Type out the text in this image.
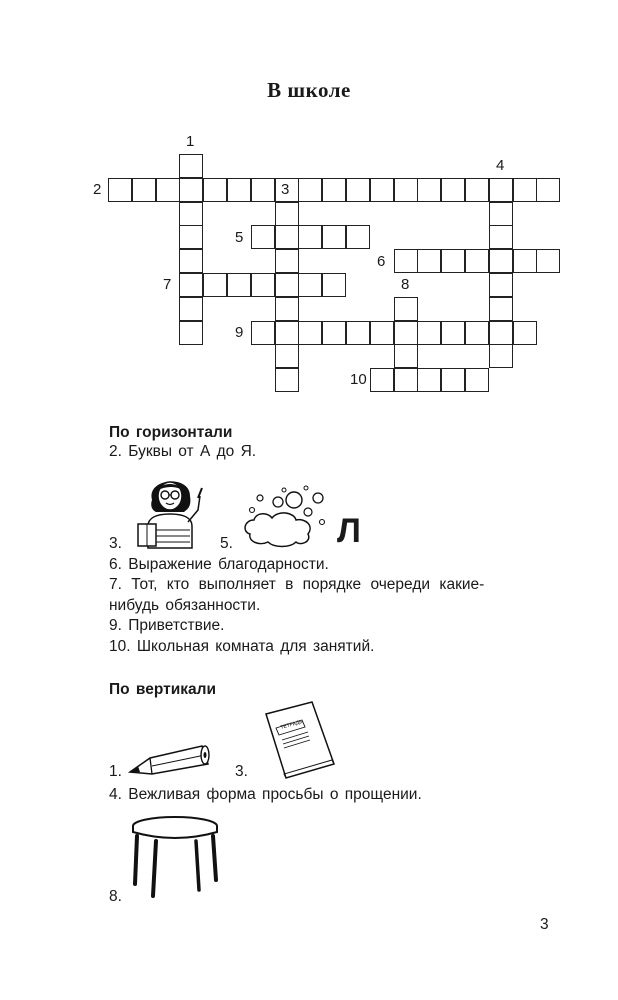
В школе
1
2	3
4
5
6
7	8
9
10
По горизонтали
2. Буквы от А до Я.
3.	5.	Л
6. Выражение благодарности.
7. Тот, кто выполняет в порядке очереди какие-
нибудь обязанности.
9. Приветствие.
10. Школьная комната для занятий.
По вертикали
1.
ТЕТРАДЬ
3.
4. Вежливая форма просьбы о прощении.
8.
3
